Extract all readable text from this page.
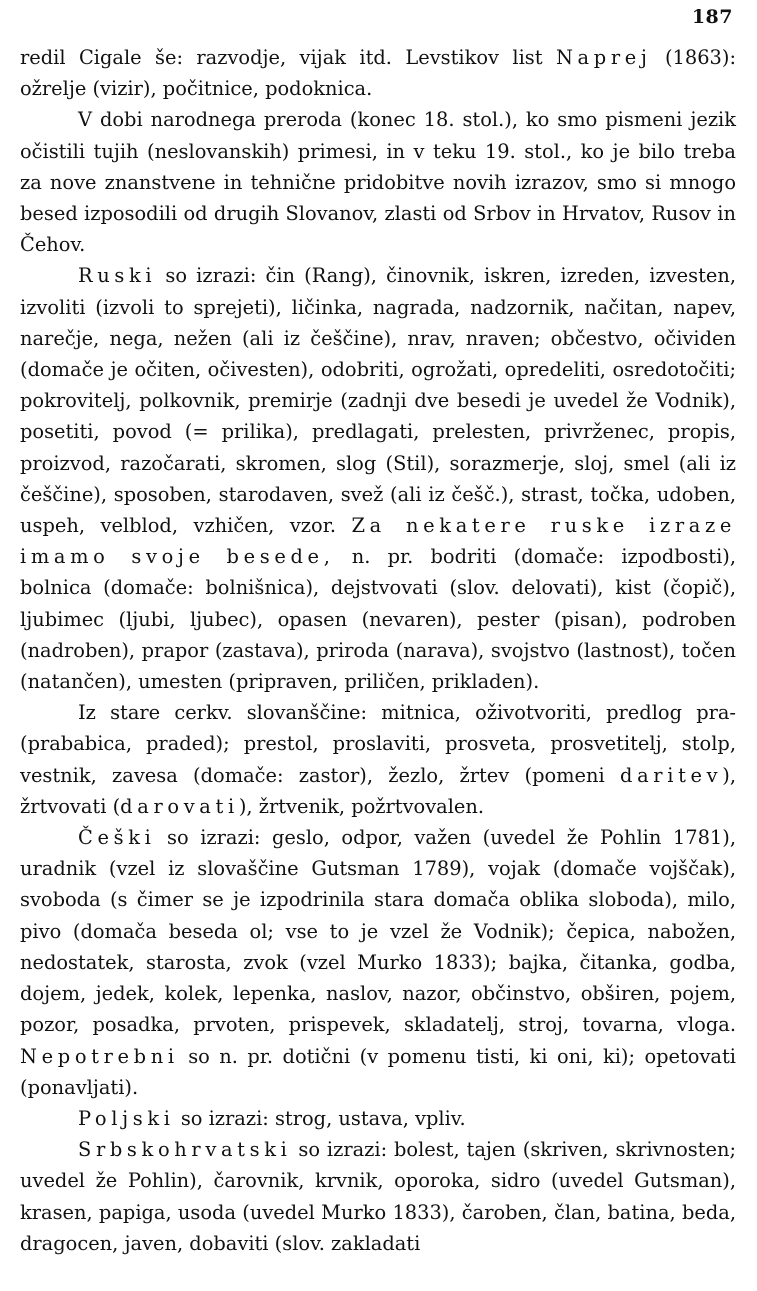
187

redil Cigale še: razvodje, vijak itd. Levstikov list Naprej (1863): ožrelje (vizir), počitnice, podoknica.

V dobi narodnega preroda (konec 18. stol.), ko smo pismeni jezik očistili tujih (neslovanskih) primesi, in v teku 19. stol., ko je bilo treba za nove znanstvene in tehnične pridobitve novih izrazov, smo si mnogo besed izposodili od drugih Slovanov, zlasti od Srbov in Hrvatov, Rusov in Čehov.

Ruski so izrazi: čin (Rang), činovnik, iskren, izreden, izvesten, izvoliti (izvoli to sprejeti), ličinka, nagrada, nadzornik, načitan, napev, narečje, nega, nežen (ali iz češčine), nrav, nraven; občestvo, očividen (domače je očiten, očivesten), odobriti, ogrožati, opredeliti, osredotočiti; pokrovitelj, polkovnik, premirje (zadnji dve besedi je uvedel že Vodnik), posetiti, povod (= prilika), predlagati, prelesten, privrženec, propis, proizvod, razočarati, skromen, slog (Stil), sorazmerje, sloj, smel (ali iz češčine), sposoben, starodaven, svež (ali iz češč.), strast, točka, udoben, uspeh, velblod, vzhičen, vzor. Za nekatere ruske izraze imamo svoje besede, n. pr. bodriti (domače: izpodbosti), bolnica (domače: bolnišnica), dejstvovati (slov. delovati), kist (čopič), ljubimec (ljubi, ljubec), opasen (nevaren), pester (pisan), podroben (nadroben), prapor (zastava), priroda (narava), svojstvo (lastnost), točen (natančen), umesten (pripraven, priličen, prikladen).

Iz stare cerkv. slovanščine: mitnica, oživotvoriti, predlog pra- (prababica, praded); prestol, proslaviti, prosveta, prosvetitelj, stolp, vestnik, zavesa (domače: zastor), žezlo, žrtev (pomeni daritev), žrtvovati (darovati), žrtvenik, požrtvovalen.

Češki so izrazi: geslo, odpor, važen (uvedel že Pohlin 1781), uradnik (vzel iz slovaščine Gutsman 1789), vojak (domače vojščak), svoboda (s čimer se je izpodrinila stara domača oblika sloboda), milo, pivo (domača beseda ol; vse to je vzel že Vodnik); čepica, nabožen, nedostatek, starosta, zvok (vzel Murko 1833); bajka, čitanka, godba, dojem, jedek, kolek, lepenka, naslov, nazor, občinstvo, obširen, pojem, pozor, posadka, prvoten, prispevek, skladatelj, stroj, tovarna, vloga. Nepotrebni so n. pr. dotični (v pomenu tisti, ki oni, ki); opetovati (ponavljati).

Poljski so izrazi: strog, ustava, vpliv.

Srbskohrvatski so izrazi: bolest, tajen (skriven, skrivnosten; uvedel že Pohlin), čarovnik, krvnik, oporoka, sidro (uvedel Gutsman), krasen, papiga, usoda (uvedel Murko 1833), čaroben, član, batina, beda, dragocen, javen, dobaviti (slov. zakladati
